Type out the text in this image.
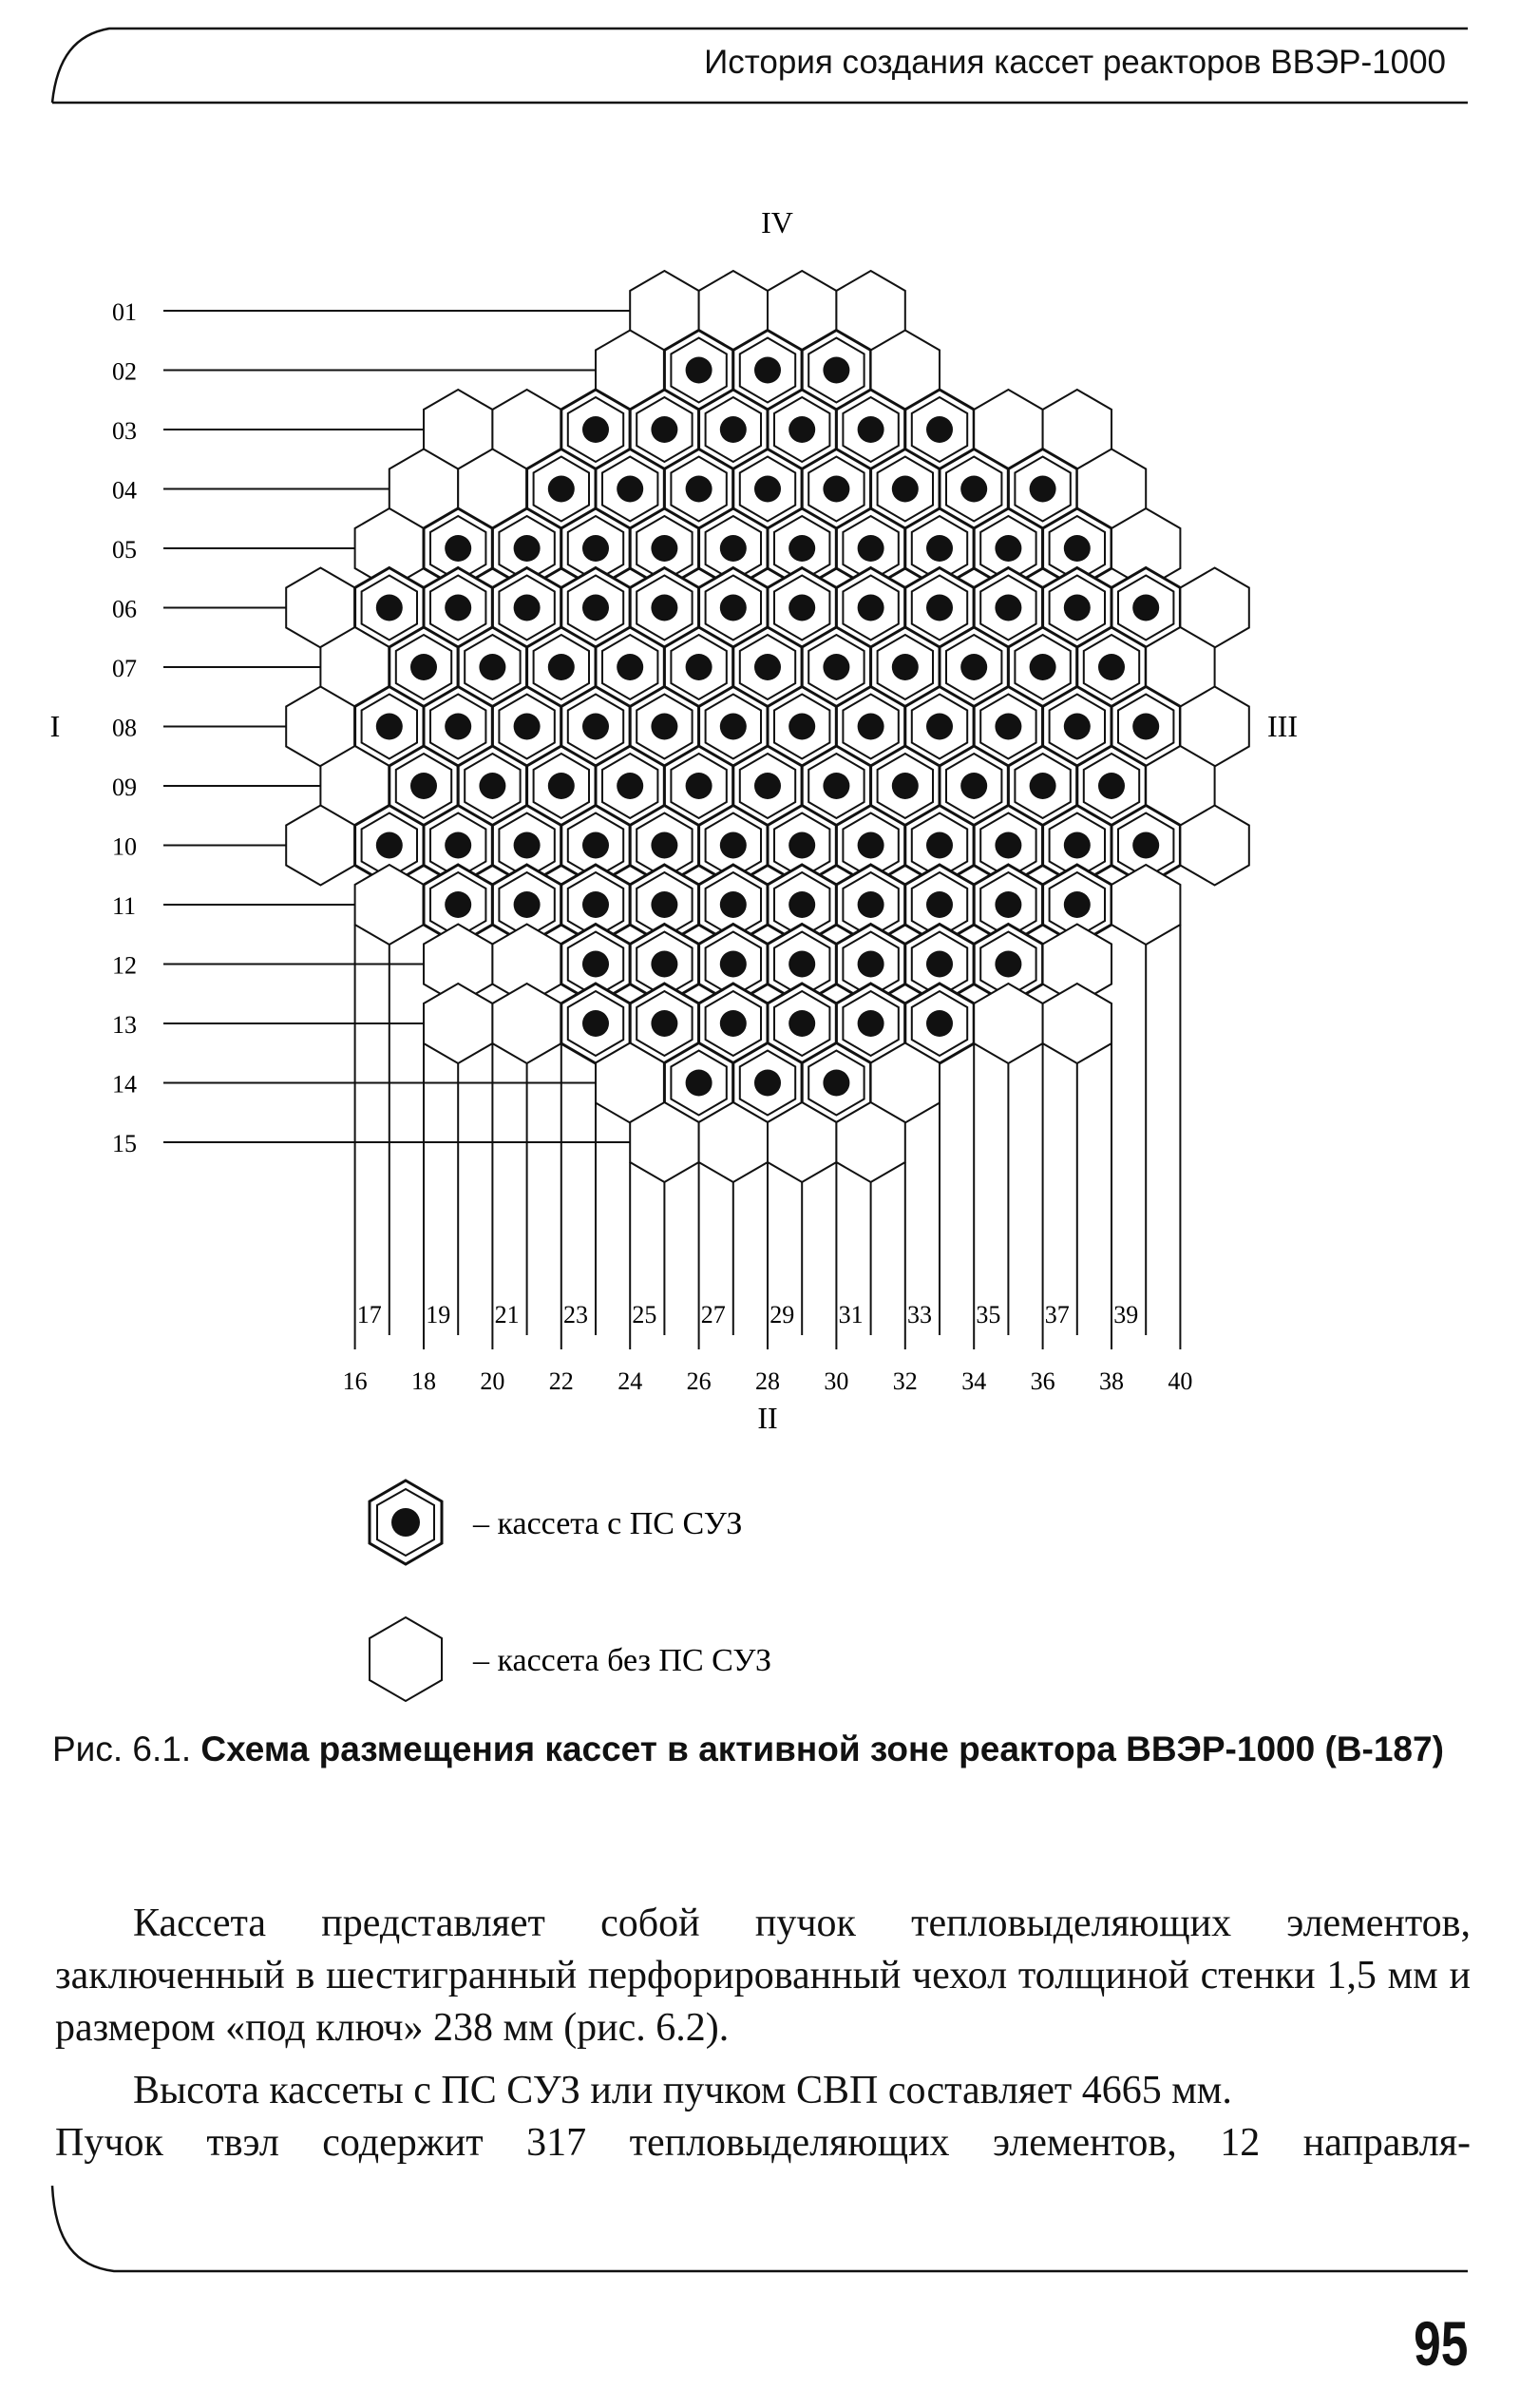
История создания кассет реакторов ВВЭР-1000
IV
I	III
II
01
02
03
04
05
06
07
08
09
10
11
12
13
14
15
16
17
18
19
20
21
22
23
24
25
26
27
28
29
30
31
32
33
34
35
36
37
38
39
40
– кассета с ПС СУЗ
– кассета без ПС СУЗ
Рис. 6.1. Схема размещения кассет в активной зоне реактора ВВЭР-1000 (В-187)
Кассета представляет собой пучок тепловыделяющих элементов, заключенный в шестигранный перфорированный чехол толщиной стенки 1,5 мм и размером «под ключ» 238 мм (рис. 6.2).
Высота кассеты с ПС СУЗ или пучком СВП составляет 4665 мм.

Пучок твэл содержит 317 тепловыделяющих элементов, 12 направля-
95
